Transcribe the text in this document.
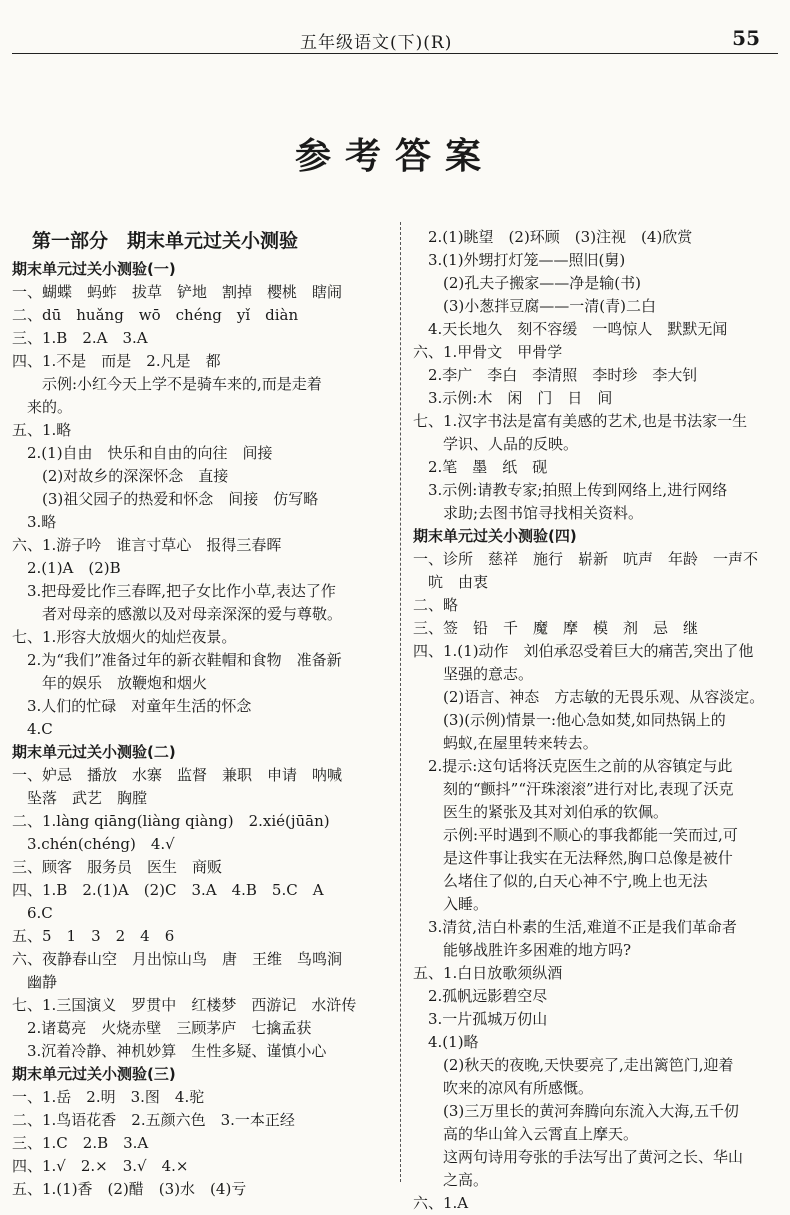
五年级语文(下)(R)	55
参考答案
第一部分　期末单元过关小测验
期末单元过关小测验(一)
一、蝴蝶　蚂蚱　拔草　铲地　割掉　樱桃　瞎闹
二、dū　huǎng　wō　chéng　yǐ　diàn
三、1.B　2.A　3.A
四、1.不是　而是　2.凡是　都
　　示例:小红今天上学不是骑车来的,而是走着
　来的。
五、1.略
　2.(1)自由　快乐和自由的向往　间接
　　(2)对故乡的深深怀念　直接
　　(3)祖父园子的热爱和怀念　间接　仿写略
　3.略
六、1.游子吟　谁言寸草心　报得三春晖
　2.(1)A　(2)B
　3.把母爱比作三春晖,把子女比作小草,表达了作
　　者对母亲的感激以及对母亲深深的爱与尊敬。
七、1.形容大放烟火的灿烂夜景。
　2.为“我们”准备过年的新衣鞋帽和食物　准备新
　　年的娱乐　放鞭炮和烟火
　3.人们的忙碌　对童年生活的怀念
　4.C
期末单元过关小测验(二)
一、妒忌　播放　水寨　监督　兼职　申请　呐喊
　坠落　武艺　胸膛
二、1.làng qiāng(liàng qiàng)　2.xié(jūān)
　3.chén(chéng)　4.√
三、顾客　服务员　医生　商贩
四、1.B　2.(1)A　(2)C　3.A　4.B　5.C　A
　6.C
五、5　1　3　2　4　6
六、夜静春山空　月出惊山鸟　唐　王维　鸟鸣涧
　幽静
七、1.三国演义　罗贯中　红楼梦　西游记　水浒传
　2.诸葛亮　火烧赤壁　三顾茅庐　七擒孟获
　3.沉着冷静、神机妙算　生性多疑、谨慎小心
期末单元过关小测验(三)
一、1.岳　2.明　3.图　4.驼
二、1.鸟语花香　2.五颜六色　3.一本正经
三、1.C　2.B　3.A
四、1.√　2.×　3.√　4.×
五、1.(1)香　(2)醋　(3)水　(4)亏
　2.(1)眺望　(2)环顾　(3)注视　(4)欣赏
　3.(1)外甥打灯笼——照旧(舅)
　　(2)孔夫子搬家——净是输(书)
　　(3)小葱拌豆腐——一清(青)二白
　4.天长地久　刻不容缓　一鸣惊人　默默无闻
六、1.甲骨文　甲骨学
　2.李广　李白　李清照　李时珍　李大钊
　3.示例:木　闲　门　日　间
七、1.汉字书法是富有美感的艺术,也是书法家一生
　　学识、人品的反映。
　2.笔　墨　纸　砚
　3.示例:请教专家;拍照上传到网络上,进行网络
　　求助;去图书馆寻找相关资料。
期末单元过关小测验(四)
一、诊所　慈祥　施行　崭新　吭声　年龄　一声不
　吭　由衷
二、略
三、签　铅　千　魔　摩　模　剂　忌　继
四、1.(1)动作　刘伯承忍受着巨大的痛苦,突出了他
　　坚强的意志。
　　(2)语言、神态　方志敏的无畏乐观、从容淡定。
　　(3)(示例)情景一:他心急如焚,如同热锅上的
　　蚂蚁,在屋里转来转去。
　2.提示:这句话将沃克医生之前的从容镇定与此
　　刻的“颤抖”“汗珠滚滚”进行对比,表现了沃克
　　医生的紧张及其对刘伯承的钦佩。
　　示例:平时遇到不顺心的事我都能一笑而过,可
　　是这件事让我实在无法释然,胸口总像是被什
　　么堵住了似的,白天心神不宁,晚上也无法
　　入睡。
　3.清贫,洁白朴素的生活,难道不正是我们革命者
　　能够战胜许多困难的地方吗?
五、1.白日放歌须纵酒
　2.孤帆远影碧空尽
　3.一片孤城万仞山
　4.(1)略
　　(2)秋天的夜晚,天快要亮了,走出篱笆门,迎着
　　吹来的凉风有所感慨。
　　(3)三万里长的黄河奔腾向东流入大海,五千仞
　　高的华山耸入云霄直上摩天。
　　这两句诗用夸张的手法写出了黄河之长、华山
　　之高。
六、1.A
